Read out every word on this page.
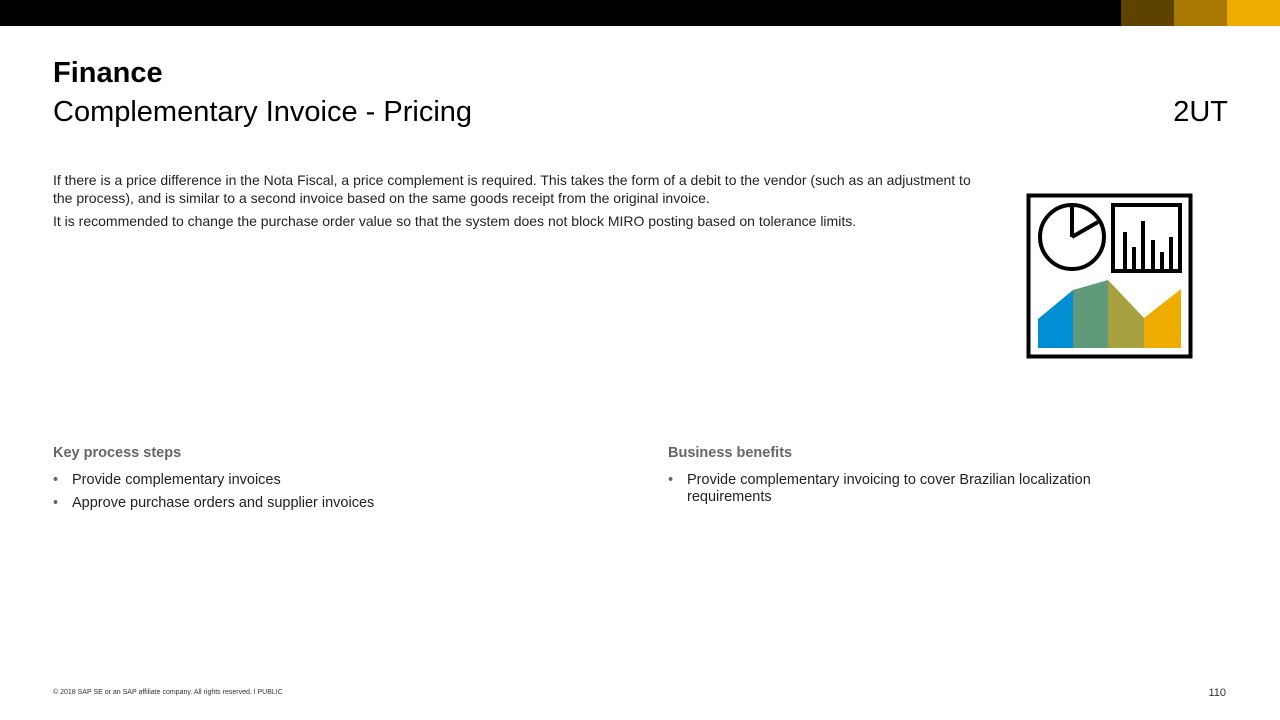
Finance
Complementary Invoice - Pricing	2UT

If there is a price difference in the Nota Fiscal, a price complement is required. This takes the form of a debit to the vendor (such as an adjustment to the process), and is similar to a second invoice based on the same goods receipt from the original invoice.

It is recommended to change the purchase order value so that the system does not block MIRO posting based on tolerance limits.

Key process steps
• Provide complementary invoices
• Approve purchase orders and supplier invoices
Business benefits
• Provide complementary invoicing to cover Brazilian localization requirements
© 2018 SAP SE or an SAP affiliate company. All rights reserved. ǀ PUBLIC	110
